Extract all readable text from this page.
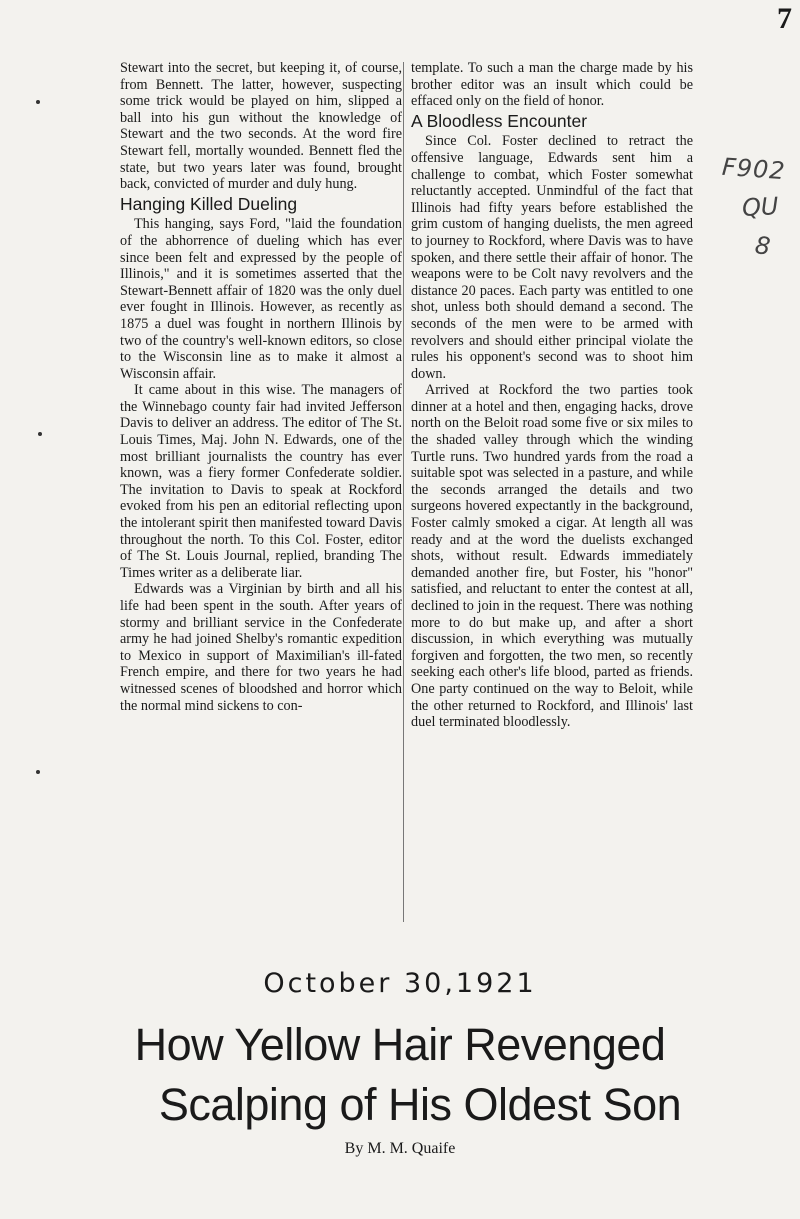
7
F902
QU
8

Stewart into the secret, but keeping it, of course, from Bennett. The latter, however, suspecting some trick would be played on him, slipped a ball into his gun without the knowledge of Stewart and the two seconds. At the word fire Stewart fell, mortally wounded. Bennett fled the state, but two years later was found, brought back, convicted of murder and duly hung.

Hanging Killed Dueling

This hanging, says Ford, "laid the foundation of the abhorrence of dueling which has ever since been felt and expressed by the people of Illinois," and it is sometimes asserted that the Stewart-Bennett affair of 1820 was the only duel ever fought in Illinois. However, as recently as 1875 a duel was fought in northern Illinois by two of the country's well-known editors, so close to the Wisconsin line as to make it almost a Wisconsin affair.

It came about in this wise. The managers of the Winnebago county fair had invited Jefferson Davis to deliver an address. The editor of The St. Louis Times, Maj. John N. Edwards, one of the most brilliant journalists the country has ever known, was a fiery former Confederate soldier. The invitation to Davis to speak at Rockford evoked from his pen an editorial reflecting upon the intolerant spirit then manifested toward Davis throughout the north. To this Col. Foster, editor of The St. Louis Journal, replied, branding The Times writer as a deliberate liar.

Edwards was a Virginian by birth and all his life had been spent in the south. After years of stormy and brilliant service in the Confederate army he had joined Shelby's romantic expedition to Mexico in support of Maximilian's ill-fated French empire, and there for two years he had witnessed scenes of bloodshed and horror which the normal mind sickens to con-

template. To such a man the charge made by his brother editor was an insult which could be effaced only on the field of honor.

A Bloodless Encounter

Since Col. Foster declined to retract the offensive language, Edwards sent him a challenge to combat, which Foster somewhat reluctantly accepted. Unmindful of the fact that Illinois had fifty years before established the grim custom of hanging duelists, the men agreed to journey to Rockford, where Davis was to have spoken, and there settle their affair of honor. The weapons were to be Colt navy revolvers and the distance 20 paces. Each party was entitled to one shot, unless both should demand a second. The seconds of the men were to be armed with revolvers and should either principal violate the rules his opponent's second was to shoot him down.

Arrived at Rockford the two parties took dinner at a hotel and then, engaging hacks, drove north on the Beloit road some five or six miles to the shaded valley through which the winding Turtle runs. Two hundred yards from the road a suitable spot was selected in a pasture, and while the seconds arranged the details and two surgeons hovered expectantly in the background, Foster calmly smoked a cigar. At length all was ready and at the word the duelists exchanged shots, without result. Edwards immediately demanded another fire, but Foster, his "honor" satisfied, and reluctant to enter the contest at all, declined to join in the request. There was nothing more to do but make up, and after a short discussion, in which everything was mutually forgiven and forgotten, the two men, so recently seeking each other's life blood, parted as friends. One party continued on the way to Beloit, while the other returned to Rockford, and Illinois' last duel terminated bloodlessly.

October 30,1921
How Yellow Hair Revenged
Scalping of His Oldest Son
By M. M. Quaife
